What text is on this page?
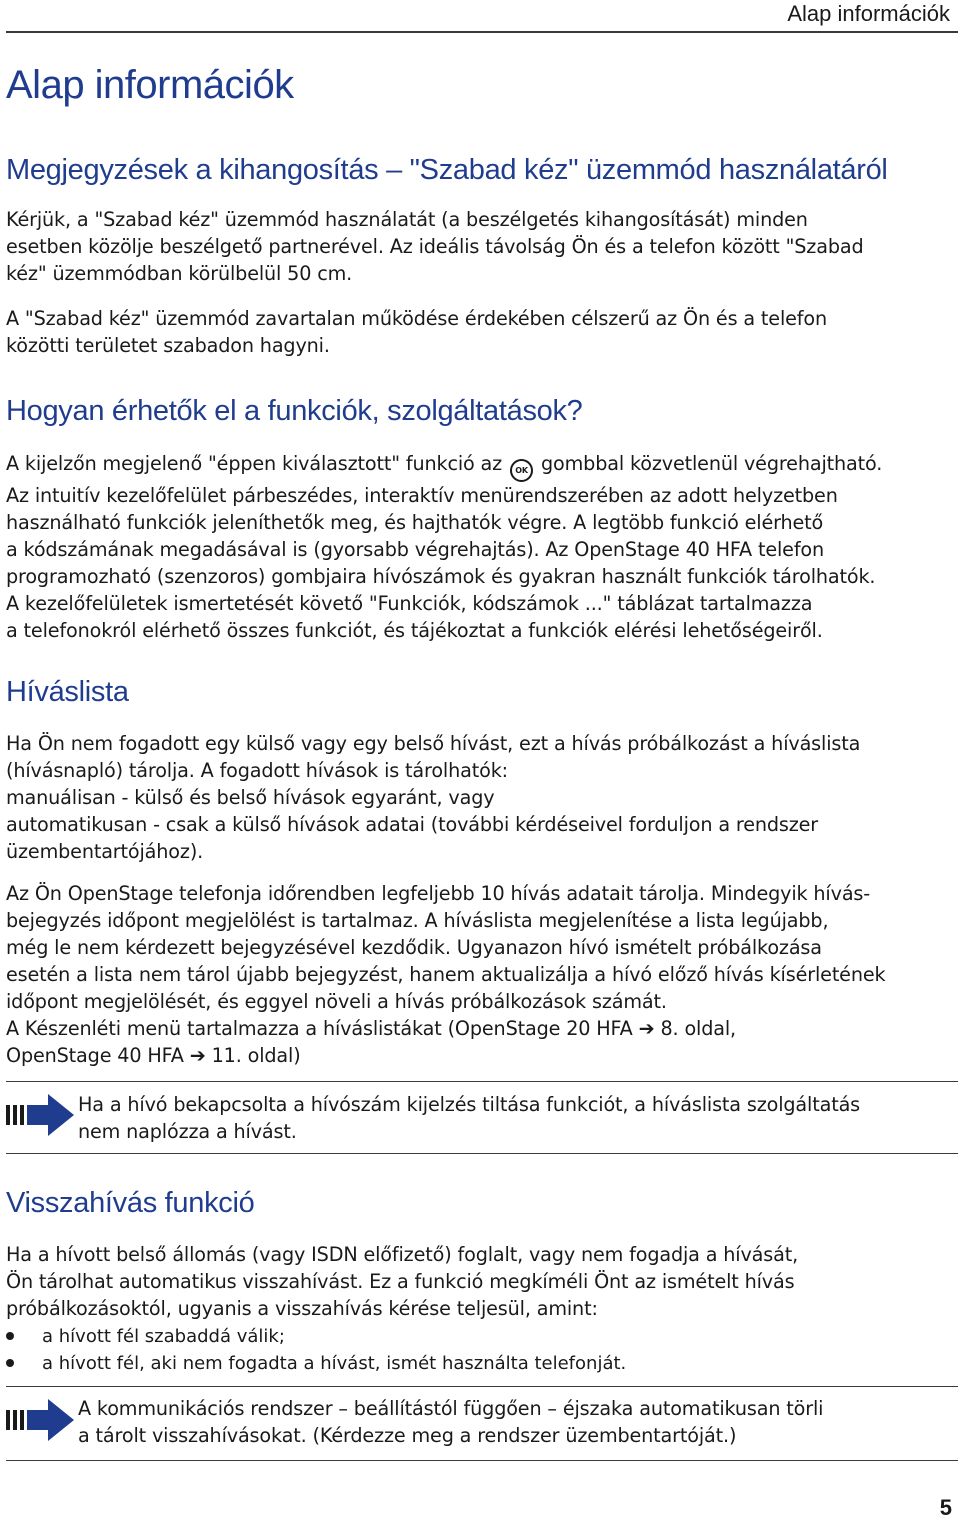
Alap információk
Alap információk
Megjegyzések a kihangosítás – "Szabad kéz" üzemmód használatáról
Kérjük, a "Szabad kéz" üzemmód használatát (a beszélgetés kihangosítását) minden
esetben közölje beszélgető partnerével. Az ideális távolság Ön és a telefon között "Szabad
kéz" üzemmódban körülbelül 50 cm.
A "Szabad kéz" üzemmód zavartalan működése érdekében célszerű az Ön és a telefon
közötti területet szabadon hagyni.
Hogyan érhetők el a funkciók, szolgáltatások?
A kijelzőn megjelenő "éppen kiválasztott" funkció az OK gombbal közvetlenül végrehajtható.
Az intuitív kezelőfelület párbeszédes, interaktív menürendszerében az adott helyzetben
használható funkciók jeleníthetők meg, és hajthatók végre. A legtöbb funkció elérhető
a kódszámának megadásával is (gyorsabb végrehajtás). Az OpenStage 40 HFA telefon
programozható (szenzoros) gombjaira hívószámok és gyakran használt funkciók tárolhatók.
A kezelőfelületek ismertetését követő "Funkciók, kódszámok ..." táblázat tartalmazza
a telefonokról elérhető összes funkciót, és tájékoztat a funkciók elérési lehetőségeiről.
Híváslista
Ha Ön nem fogadott egy külső vagy egy belső hívást, ezt a hívás próbálkozást a híváslista
(hívásnapló) tárolja. A fogadott hívások is tárolhatók:
manuálisan - külső és belső hívások egyaránt, vagy
automatikusan - csak a külső hívások adatai (további kérdéseivel forduljon a rendszer
üzembentartójához).
Az Ön OpenStage telefonja időrendben legfeljebb 10 hívás adatait tárolja. Mindegyik hívás-
bejegyzés időpont megjelölést is tartalmaz. A híváslista megjelenítése a lista legújabb,
még le nem kérdezett bejegyzésével kezdődik. Ugyanazon hívó ismételt próbálkozása
esetén a lista nem tárol újabb bejegyzést, hanem aktualizálja a hívó előző hívás kísérletének
időpont megjelölését, és eggyel növeli a hívás próbálkozások számát.
A Készenléti menü tartalmazza a híváslistákat (OpenStage 20 HFA ➔ 8. oldal,
OpenStage 40 HFA ➔ 11. oldal)
Ha a hívó bekapcsolta a hívószám kijelzés tiltása funkciót, a híváslista szolgáltatás
nem naplózza a hívást.
Visszahívás funkció
Ha a hívott belső állomás (vagy ISDN előfizető) foglalt, vagy nem fogadja a hívását,
Ön tárolhat automatikus visszahívást. Ez a funkció megkíméli Önt az ismételt hívás
próbálkozásoktól, ugyanis a visszahívás kérése teljesül, amint:
a hívott fél szabaddá válik;
a hívott fél, aki nem fogadta a hívást, ismét használta telefonját.
A kommunikációs rendszer – beállítástól függően – éjszaka automatikusan törli
a tárolt visszahívásokat. (Kérdezze meg a rendszer üzembentartóját.)
5
